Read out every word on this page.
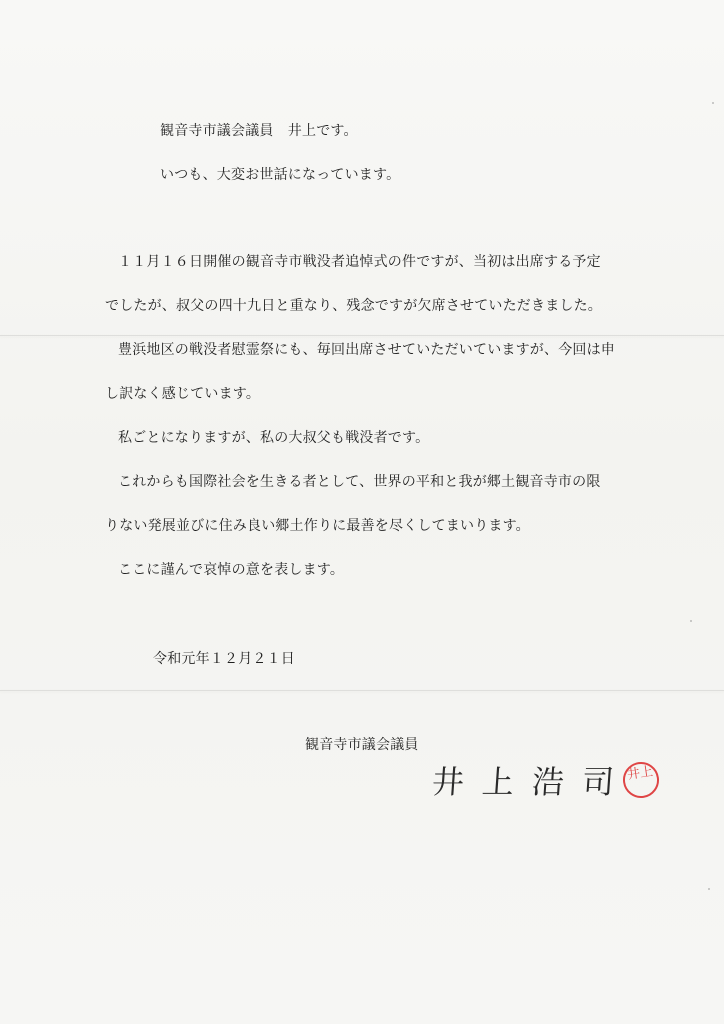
観音寺市議会議員　井上です。
いつも、大変お世話になっています。
１１月１６日開催の観音寺市戦没者追悼式の件ですが、当初は出席する予定
でしたが、叔父の四十九日と重なり、残念ですが欠席させていただきました。
豊浜地区の戦没者慰霊祭にも、毎回出席させていただいていますが、今回は申
し訳なく感じています。
私ごとになりますが、私の大叔父も戦没者です。
これからも国際社会を生きる者として、世界の平和と我が郷土観音寺市の限
りない発展並びに住み良い郷土作りに最善を尽くしてまいります。
ここに謹んで哀悼の意を表します。
令和元年１２月２１日
観音寺市議会議員
井上浩司
井上
